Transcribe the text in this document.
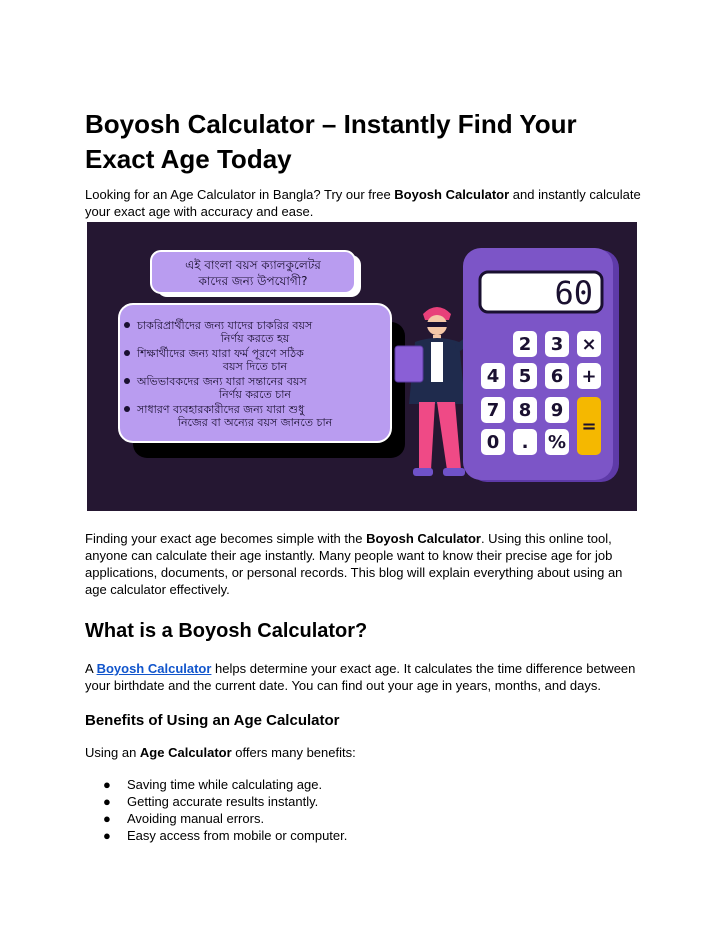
Boyosh Calculator – Instantly Find Your Exact Age Today

Looking for an Age Calculator in Bangla? Try our free Boyosh Calculator and instantly calculate your exact age with accuracy and ease.

এই বাংলা বয়স ক্যালকুলেটর
কাদের জন্য উপযোগী?
চাকরিপ্রার্থীদের জন্য যাদের চাকরির বয়স
নির্ণয় করতে হয়
শিক্ষার্থীদের জন্য যারা ফর্ম পূরণে সঠিক
বয়স দিতে চান
অভিভাবকদের জন্য যারা সন্তানের বয়স
নির্ণয় করতে চান
সাধারণ ব্যবহারকারীদের জন্য যারা শুধু
নিজের বা অন্যের বয়স জানতে চান
60
2 3 ×
4 5 6 +
7 8 9
0 . %
=

Finding your exact age becomes simple with the Boyosh Calculator. Using this online tool, anyone can calculate their age instantly. Many people want to know their precise age for job applications, documents, or personal records. This blog will explain everything about using an age calculator effectively.

What is a Boyosh Calculator?

A Boyosh Calculator helps determine your exact age. It calculates the time difference between your birthdate and the current date. You can find out your age in years, months, and days.

Benefits of Using an Age Calculator

Using an Age Calculator offers many benefits:

● Saving time while calculating age.
● Getting accurate results instantly.
● Avoiding manual errors.
● Easy access from mobile or computer.
